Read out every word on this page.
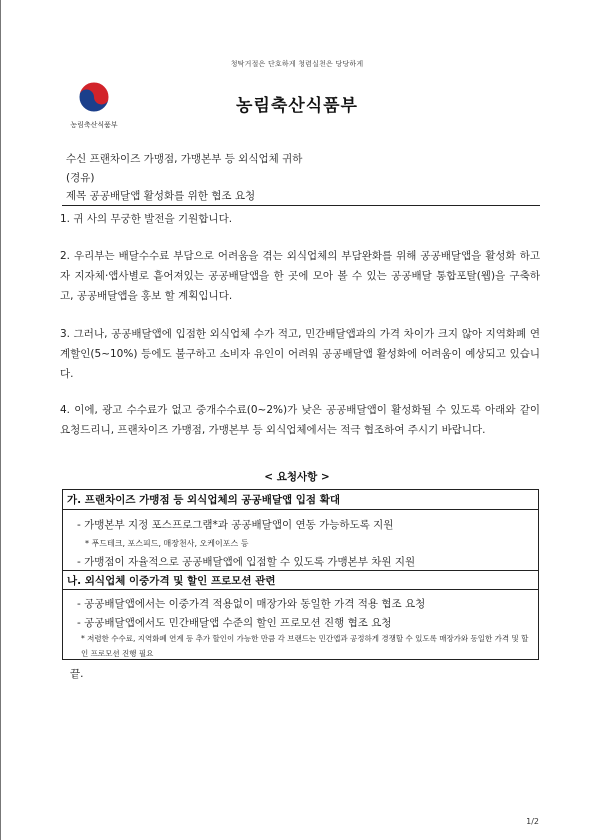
청탁거절은 단호하게 청렴실천은 당당하게
농림축산식품부
농림축산식품부
수신 프랜차이즈 가맹점, 가맹본부 등 외식업체 귀하
(경유)
제목 공공배달앱 활성화를 위한 협조 요청
1. 귀 사의 무궁한 발전을 기원합니다.
2. 우리부는 배달수수료 부담으로 어려움을 겪는 외식업체의 부담완화를 위해 공공배달앱을 활성화 하고자 지자체·앱사별로 흩어져있는 공공배달앱을 한 곳에 모아 볼 수 있는 공공배달 통합포탈(웹)을 구축하고, 공공배달앱을 홍보 할 계획입니다.
3. 그러나, 공공배달앱에 입점한 외식업체 수가 적고, 민간배달앱과의 가격 차이가 크지 않아 지역화폐 연계할인(5~10%) 등에도 불구하고 소비자 유인이 어려워 공공배달앱 활성화에 어려움이 예상되고 있습니다.
4. 이에, 광고 수수료가 없고 중개수수료(0~2%)가 낮은 공공배달앱이 활성화될 수 있도록 아래와 같이 요청드리니, 프랜차이즈 가맹점, 가맹본부 등 외식업체에서는 적극 협조하여 주시기 바랍니다.
< 요청사항 >
가. 프랜차이즈 가맹점 등 외식업체의 공공배달앱 입점 확대
- 가맹본부 지정 포스프로그램*과 공공배달앱이 연동 가능하도록 지원
* 푸드테크, 포스피드, 매장천사, 오케이포스 등
- 가맹점이 자율적으로 공공배달앱에 입점할 수 있도록 가맹본부 차원 지원
나. 외식업체 이중가격 및 할인 프로모션 관련
- 공공배달앱에서는 이중가격 적용없이 매장가와 동일한 가격 적용 협조 요청
- 공공배달앱에서도 민간배달앱 수준의 할인 프로모션 진행 협조 요청
* 저렴한 수수료, 지역화폐 연계 등 추가 할인이 가능한 만큼 각 브랜드는 민간앱과 공정하게 경쟁할 수 있도록 매장가와 동일한 가격 및 할인 프로모션 진행 필요
끝.
1/2
